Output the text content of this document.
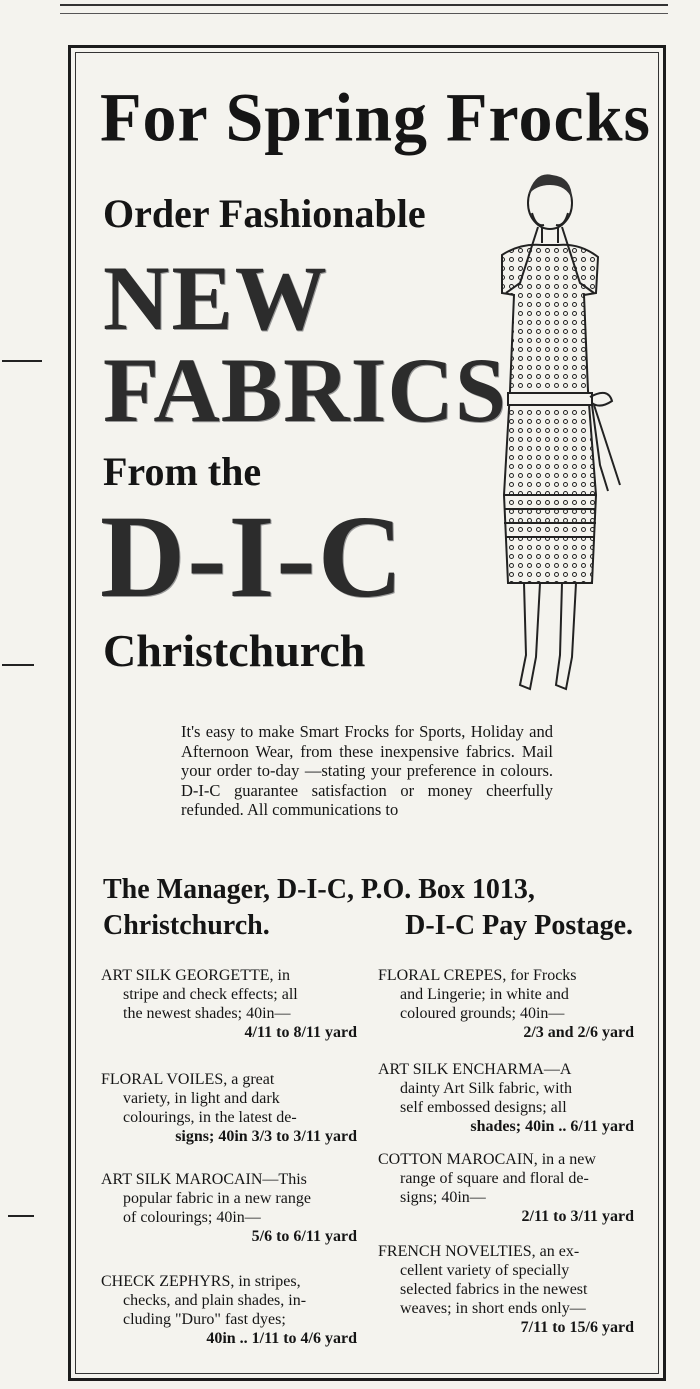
For Spring Frocks
Order Fashionable
NEW
FABRICS
From the
D-I-C
Christchurch

It's easy to make Smart Frocks for Sports, Holiday and Afternoon Wear, from these inexpensive fabrics. Mail your order to-day —stating your preference in colours. D-I-C guarantee satisfaction or money cheerfully refunded. All communications to

The Manager, D-I-C, P.O. Box 1013,
Christchurch.	D-I-C Pay Postage.
ART SILK GEORGETTE, in
stripe and check effects; all
the newest shades; 40in—
4/11 to 8/11 yard
FLORAL VOILES, a great
variety, in light and dark
colourings, in the latest de-
signs; 40in 3/3 to 3/11 yard
ART SILK MAROCAIN—This
popular fabric in a new range
of colourings; 40in—
5/6 to 6/11 yard
CHECK ZEPHYRS, in stripes,
checks, and plain shades, in-
cluding "Duro" fast dyes;
40in .. 1/11 to 4/6 yard
FLORAL CREPES, for Frocks
and Lingerie; in white and
coloured grounds; 40in—
2/3 and 2/6 yard
ART SILK ENCHARMA—A
dainty Art Silk fabric, with
self embossed designs; all
shades; 40in .. 6/11 yard
COTTON MAROCAIN, in a new
range of square and floral de-
signs; 40in—
2/11 to 3/11 yard
FRENCH NOVELTIES, an ex-
cellent variety of specially
selected fabrics in the newest
weaves; in short ends only—
7/11 to 15/6 yard
